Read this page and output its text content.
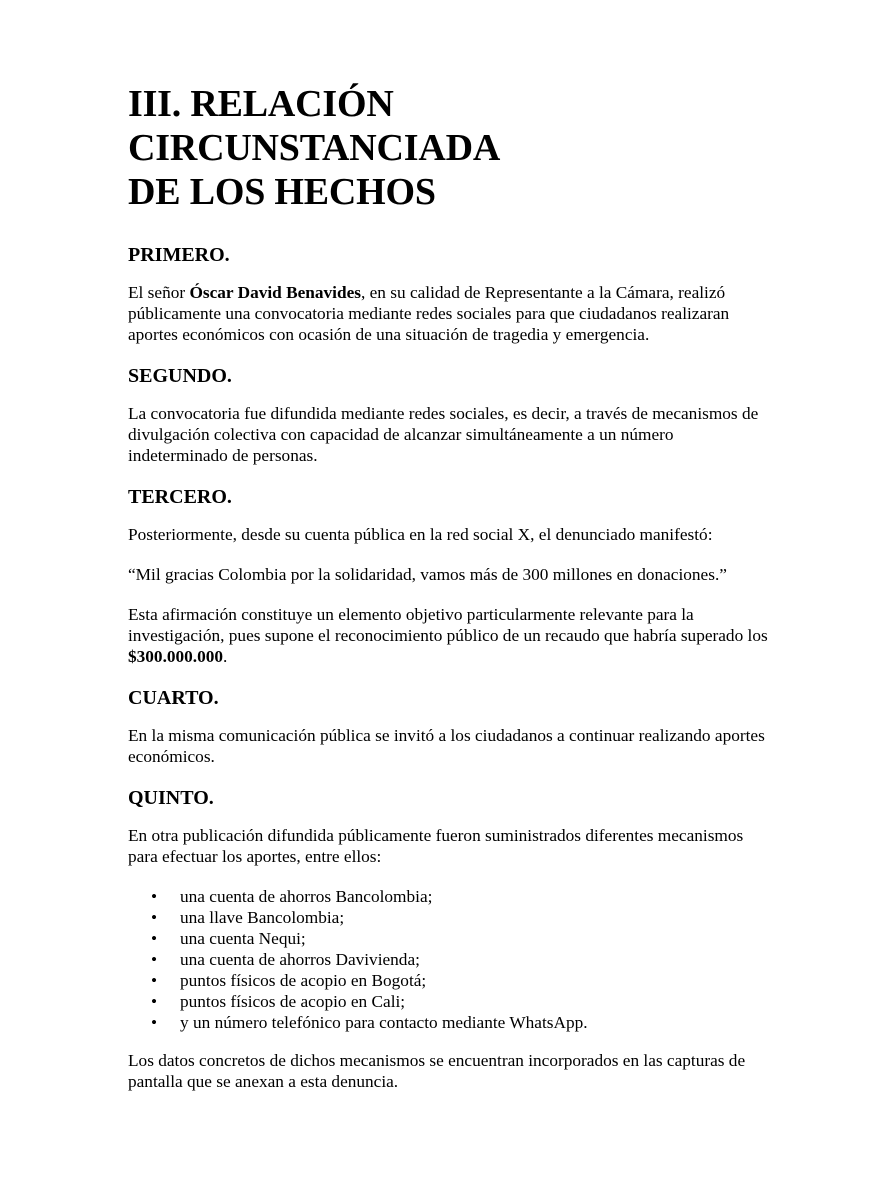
III. RELACIÓN CIRCUNSTANCIADA
DE LOS HECHOS
PRIMERO.

El señor Óscar David Benavides, en su calidad de Representante a la Cámara, realizó públicamente una convocatoria mediante redes sociales para que ciudadanos realizaran aportes económicos con ocasión de una situación de tragedia y emergencia.

SEGUNDO.

La convocatoria fue difundida mediante redes sociales, es decir, a través de mecanismos de divulgación colectiva con capacidad de alcanzar simultáneamente a un número indeterminado de personas.

TERCERO.

Posteriormente, desde su cuenta pública en la red social X, el denunciado manifestó:

“Mil gracias Colombia por la solidaridad, vamos más de 300 millones en donaciones.”

Esta afirmación constituye un elemento objetivo particularmente relevante para la investigación, pues supone el reconocimiento público de un recaudo que habría superado los $300.000.000.

CUARTO.

En la misma comunicación pública se invitó a los ciudadanos a continuar realizando aportes económicos.

QUINTO.

En otra publicación difundida públicamente fueron suministrados diferentes mecanismos para efectuar los aportes, entre ellos:

• una cuenta de ahorros Bancolombia;
• una llave Bancolombia;
• una cuenta Nequi;
• una cuenta de ahorros Davivienda;
• puntos físicos de acopio en Bogotá;
• puntos físicos de acopio en Cali;
• y un número telefónico para contacto mediante WhatsApp.

Los datos concretos de dichos mecanismos se encuentran incorporados en las capturas de pantalla que se anexan a esta denuncia.
